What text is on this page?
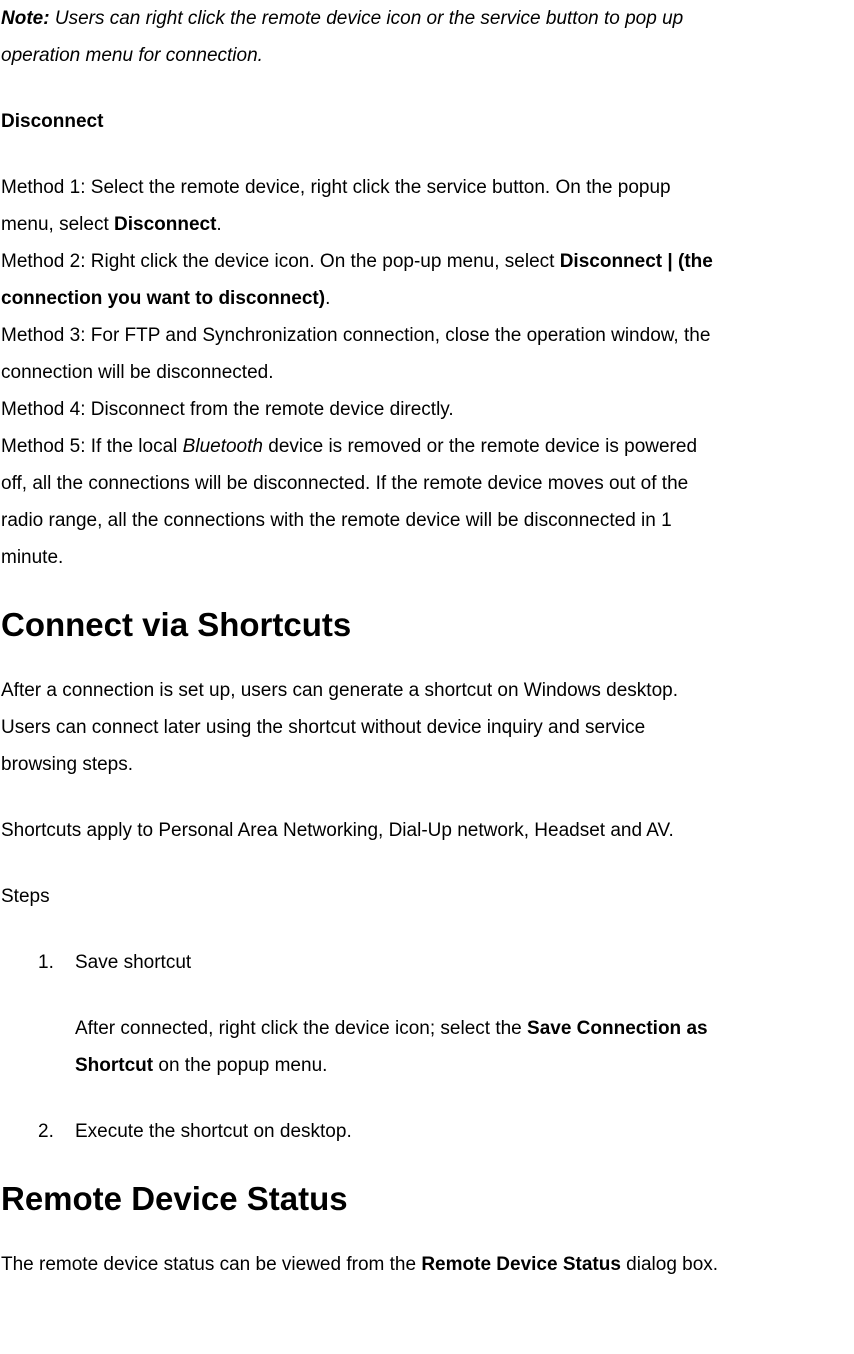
Note: Users can right click the remote device icon or the service button to pop up

operation menu for connection.

Disconnect

Method 1: Select the remote device, right click the service button. On the popup

menu, select Disconnect.

Method 2: Right click the device icon. On the pop-up menu, select Disconnect | (the

connection you want to disconnect).

Method 3: For FTP and Synchronization connection, close the operation window, the

connection will be disconnected.

Method 4: Disconnect from the remote device directly.

Method 5: If the local Bluetooth device is removed or the remote device is powered

off, all the connections will be disconnected. If the remote device moves out of the

radio range, all the connections with the remote device will be disconnected in 1

minute.

Connect via Shortcuts

After a connection is set up, users can generate a shortcut on Windows desktop.

Users can connect later using the shortcut without device inquiry and service

browsing steps.

Shortcuts apply to Personal Area Networking, Dial-Up network, Headset and AV.

Steps

1.	Save shortcut

After connected, right click the device icon; select the Save Connection as

Shortcut on the popup menu.

2.	Execute the shortcut on desktop.
Remote Device Status

The remote device status can be viewed from the Remote Device Status dialog box.
